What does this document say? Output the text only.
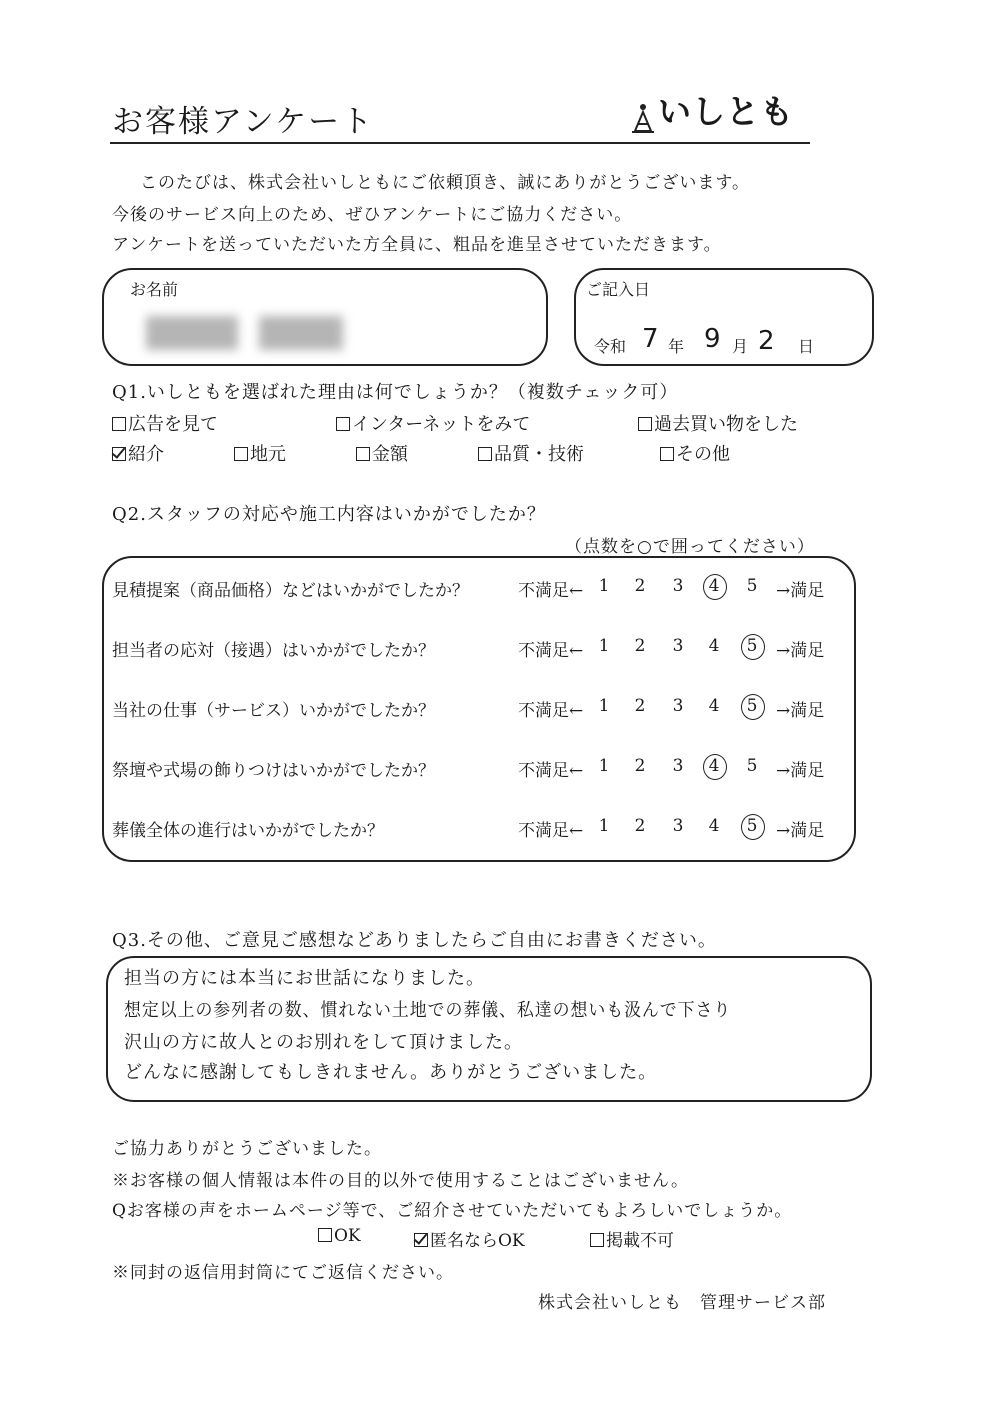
お客様アンケート	いしとも
このたびは、株式会社いしともにご依頼頂き、誠にありがとうございます。
今後のサービス向上のため、ぜひアンケートにご協力ください。
アンケートを送っていただいた方全員に、粗品を進呈させていただきます。
お名前	ご記入日
令和 7 年 9 月 2 日
Q1.いしともを選ばれた理由は何でしょうか？（複数チェック可）
広告を見て	インターネットをみて	過去買い物をした
紹介	地元	金額	品質・技術	その他
Q2.スタッフの対応や施工内容はいかがでしたか？
（点数を○で囲ってください）
見積提案（商品価格）などはいかがでしたか？	不満足← 1	2	3	4	5	→満足
担当者の応対（接遇）はいかがでしたか？	不満足← 1	2	3	4	5	→満足
当社の仕事（サービス）いかがでしたか？	不満足← 1	2	3	4	5	→満足
祭壇や式場の飾りつけはいかがでしたか？	不満足← 1	2	3	4	5	→満足
葬儀全体の進行はいかがでしたか？	不満足← 1	2	3	4	5	→満足
Q3.その他、ご意見ご感想などありましたらご自由にお書きください。
担当の方には本当にお世話になりました。
想定以上の参列者の数、慣れない土地での葬儀、私達の想いも汲んで下さり
沢山の方に故人とのお別れをして頂けました。
どんなに感謝してもしきれません。ありがとうございました。
ご協力ありがとうございました。
※お客様の個人情報は本件の目的以外で使用することはございません。
Qお客様の声をホームページ等で、ご紹介させていただいてもよろしいでしょうか。
OK	匿名ならOK	掲載不可
※同封の返信用封筒にてご返信ください。
株式会社いしとも　管理サービス部
